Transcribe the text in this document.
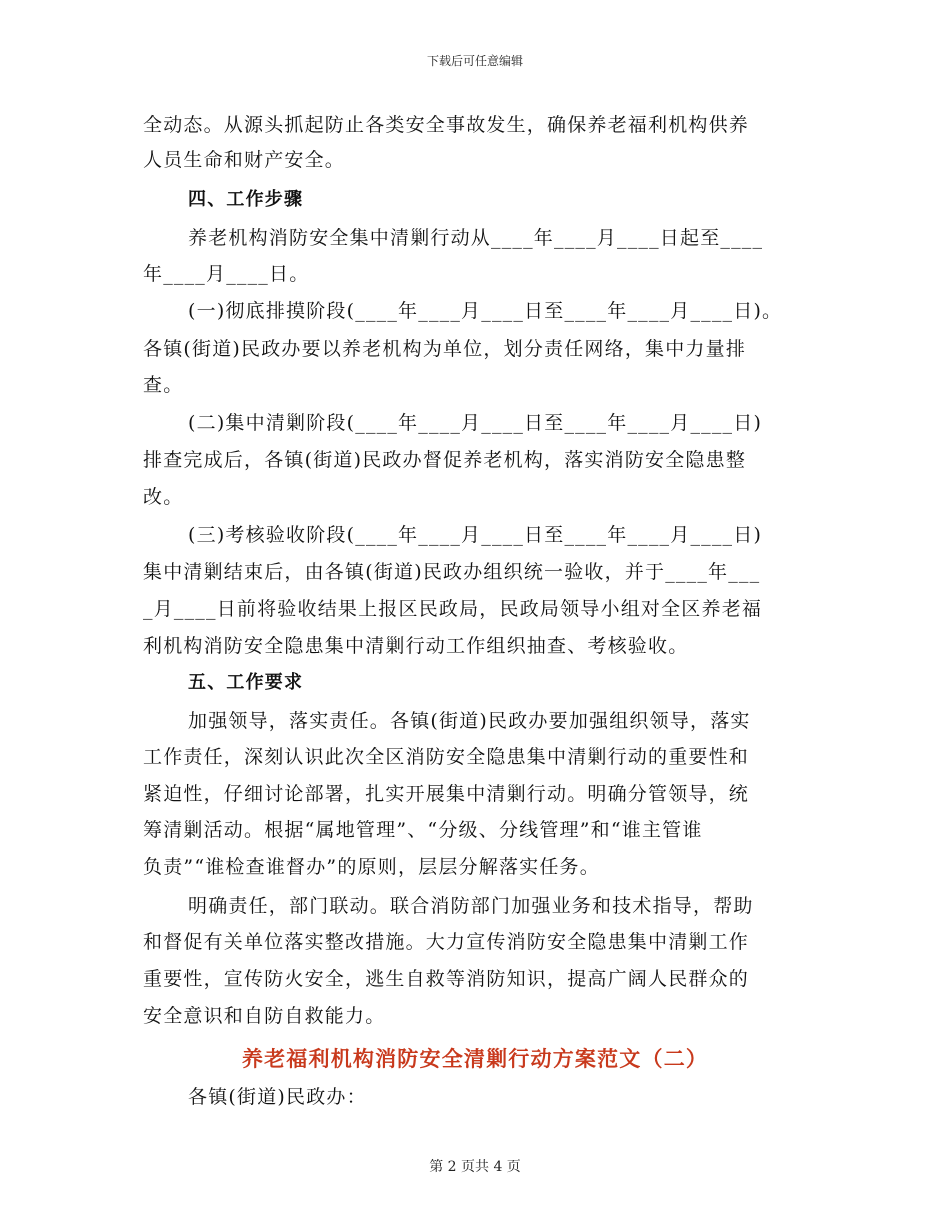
下载后可任意编辑
全动态。从源头抓起防止各类安全事故发生，确保养老福利机构供养
人员生命和财产安全。
四、工作步骤
养老机构消防安全集中清剿行动从____年____月____日起至____
年____月____日。
(一)彻底排摸阶段(____年____月____日至____年____月____日)。
各镇(街道)民政办要以养老机构为单位，划分责任网络，集中力量排
查。
(二)集中清剿阶段(____年____月____日至____年____月____日)
排查完成后，各镇(街道)民政办督促养老机构，落实消防安全隐患整
改。
(三)考核验收阶段(____年____月____日至____年____月____日)
集中清剿结束后，由各镇(街道)民政办组织统一验收，并于____年___
_月____日前将验收结果上报区民政局，民政局领导小组对全区养老福
利机构消防安全隐患集中清剿行动工作组织抽查、考核验收。
五、工作要求
加强领导，落实责任。各镇(街道)民政办要加强组织领导，落实
工作责任，深刻认识此次全区消防安全隐患集中清剿行动的重要性和
紧迫性，仔细讨论部署，扎实开展集中清剿行动。明确分管领导，统
筹清剿活动。根据“属地管理”、“分级、分线管理”和“谁主管谁
负责”“谁检查谁督办”的原则，层层分解落实任务。
明确责任，部门联动。联合消防部门加强业务和技术指导，帮助
和督促有关单位落实整改措施。大力宣传消防安全隐患集中清剿工作
重要性，宣传防火安全，逃生自救等消防知识，提高广阔人民群众的
安全意识和自防自救能力。
养老福利机构消防安全清剿行动方案范文（二）
各镇(街道)民政办：
第 2 页共 4 页
